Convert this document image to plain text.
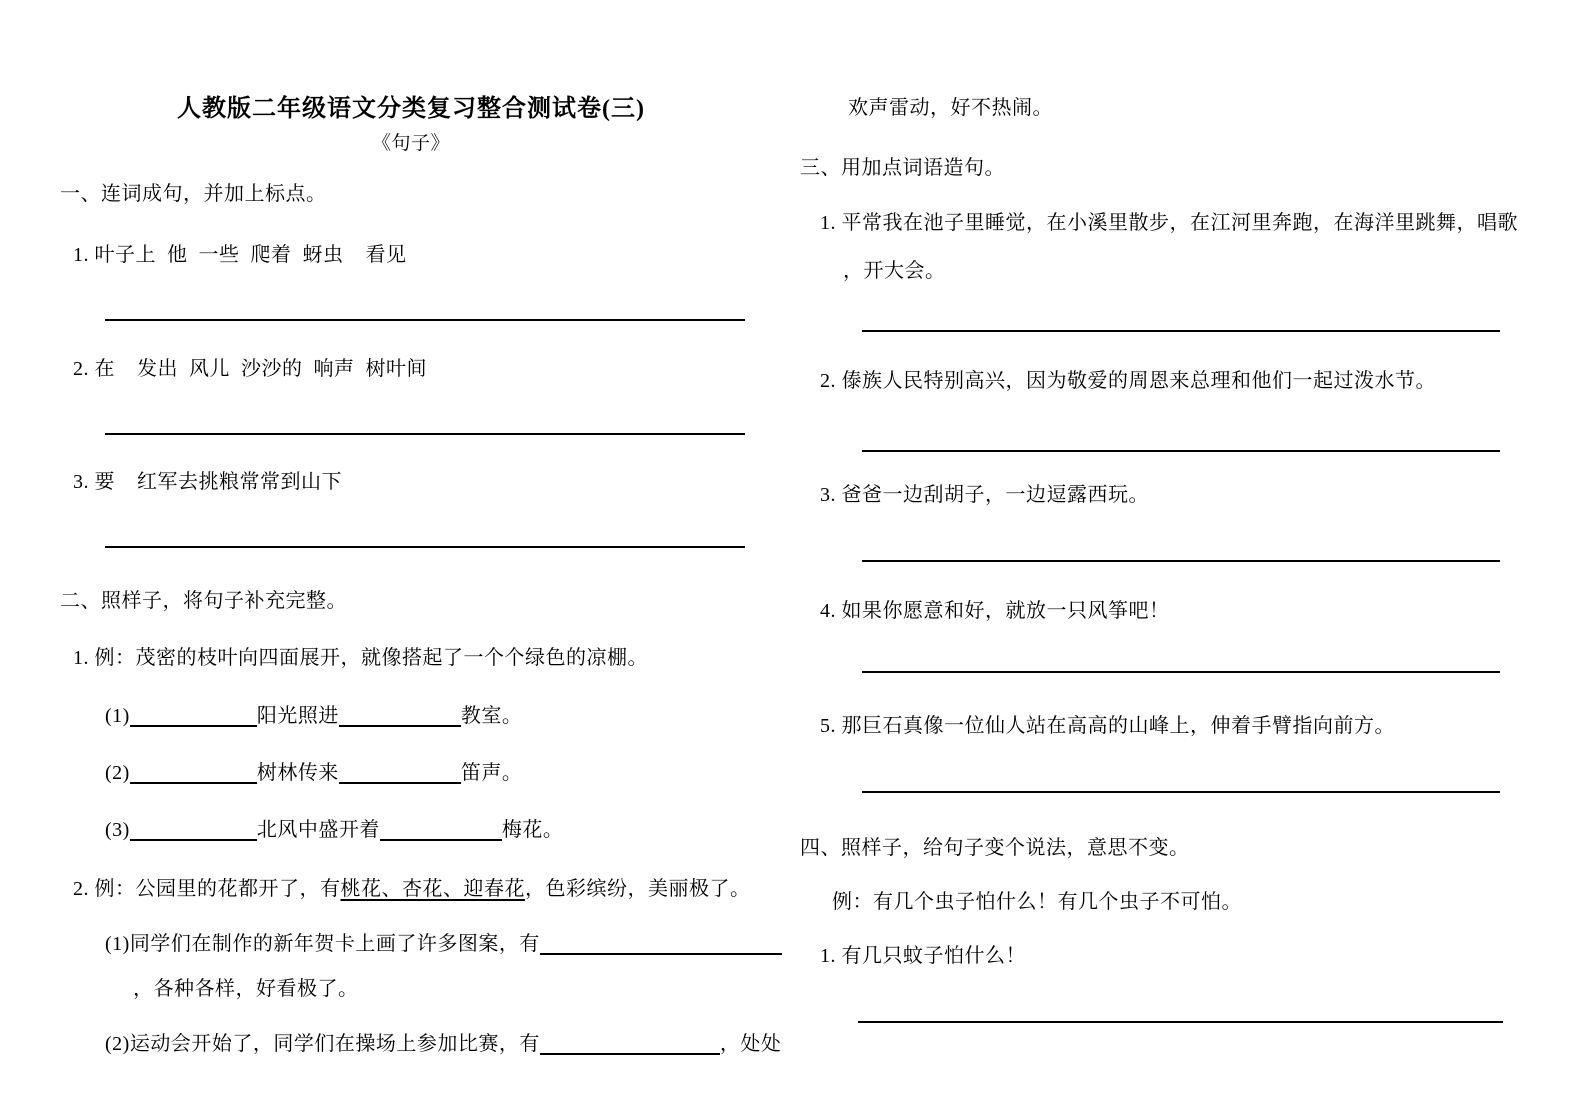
人教版二年级语文分类复习整合测试卷(三)
《句子》
一、连词成句，并加上标点。
1. 叶子上  他  一些  爬着  蚜虫    看见
2. 在    发出  风儿  沙沙的  响声  树叶间
3. 要    红军去挑粮常常到山下
二、照样子，将句子补充完整。
1. 例：茂密的枝叶向四面展开，就像搭起了一个个绿色的凉棚。
(1)	阳光照进	教室。
(2)	树林传来	笛声。
(3)	北风中盛开着	梅花。
2. 例：公园里的花都开了，有桃花、杏花、迎春花，色彩缤纷，美丽极了。
(1)同学们在制作的新年贺卡上画了许多图案，有
，各种各样，好看极了。
(2)运动会开始了，同学们在操场上参加比赛，有	，处处
欢声雷动，好不热闹。
三、用加点词语造句。
1. 平常我在池子里睡觉，在小溪里散步，在江河里奔跑，在海洋里跳舞，唱歌
，开大会。
2. 傣族人民特别高兴，因为敬爱的周恩来总理和他们一起过泼水节。
3. 爸爸一边刮胡子，一边逗露西玩。
4. 如果你愿意和好，就放一只风筝吧！
5. 那巨石真像一位仙人站在高高的山峰上，伸着手臂指向前方。
四、照样子，给句子变个说法，意思不变。
例：有几个虫子怕什么！有几个虫子不可怕。
1. 有几只蚊子怕什么！
